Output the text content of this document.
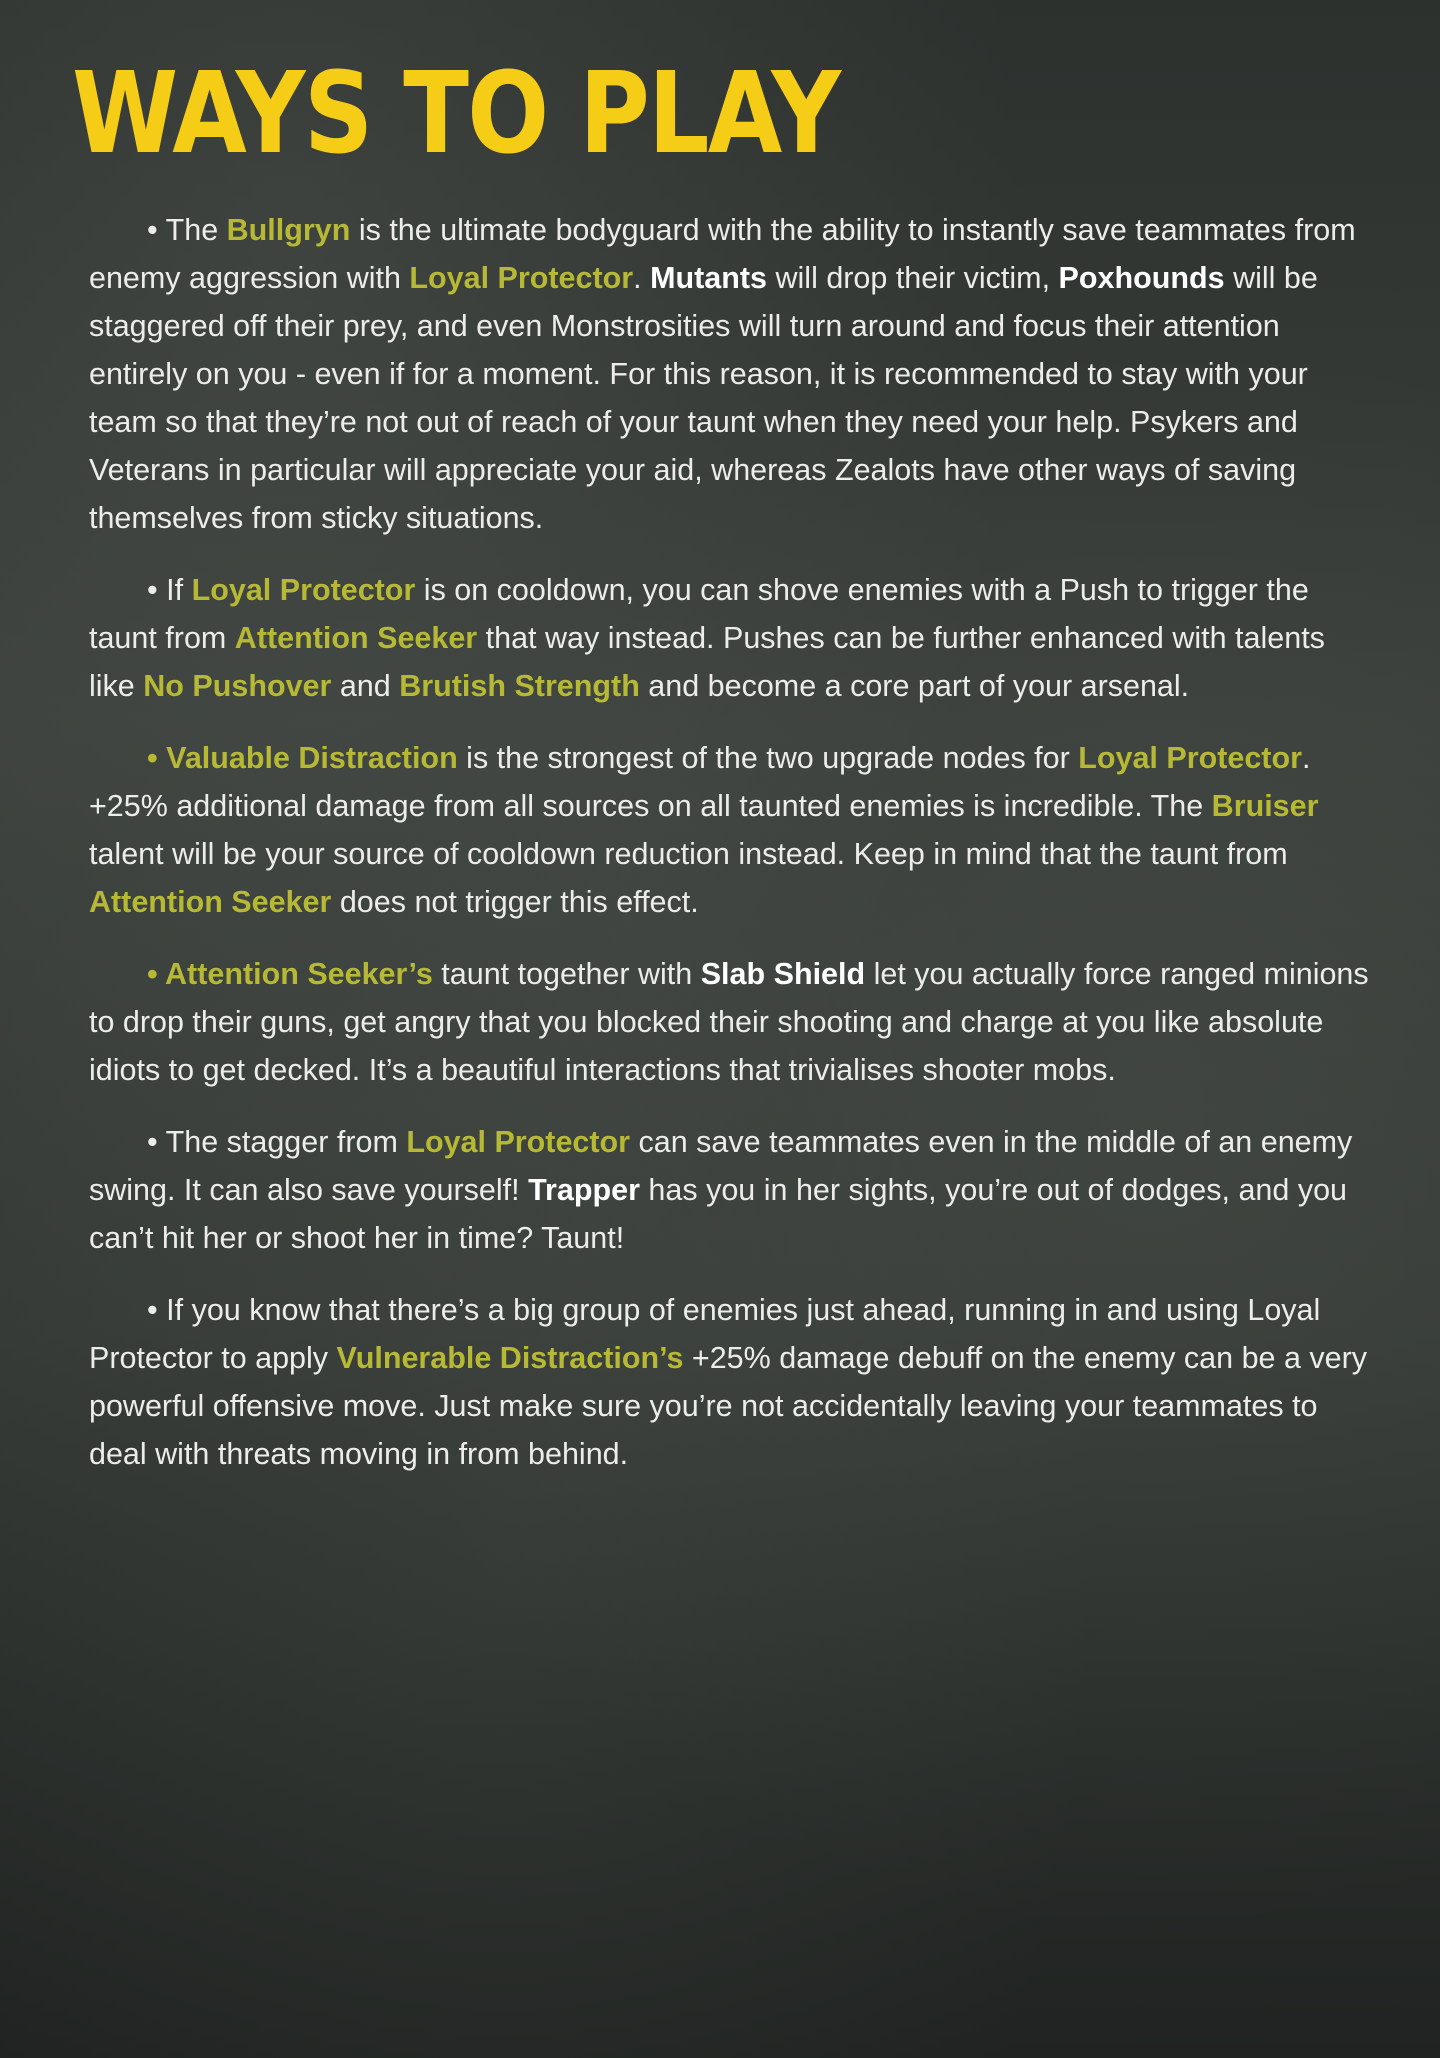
WAYS TO PLAY

• The Bullgryn is the ultimate bodyguard with the ability to instantly save teammates from enemy aggression with Loyal Protector. Mutants will drop their victim, Poxhounds will be staggered off their prey, and even Monstrosities will turn around and focus their attention entirely on you - even if for a moment. For this reason, it is recommended to stay with your team so that they’re not out of reach of your taunt when they need your help. Psykers and Veterans in particular will appreciate your aid, whereas Zealots have other ways of saving themselves from sticky situations.

• If Loyal Protector is on cooldown, you can shove enemies with a Push to trigger the taunt from Attention Seeker that way instead. Pushes can be further enhanced with talents like No Pushover and Brutish Strength and become a core part of your arsenal.

• Valuable Distraction is the strongest of the two upgrade nodes for Loyal Protector. +25% additional damage from all sources on all taunted enemies is incredible. The Bruiser talent will be your source of cooldown reduction instead. Keep in mind that the taunt from Attention Seeker does not trigger this effect.

• Attention Seeker’s taunt together with Slab Shield let you actually force ranged minions to drop their guns, get angry that you blocked their shooting and charge at you like absolute idiots to get decked. It’s a beautiful interactions that trivialises shooter mobs.

• The stagger from Loyal Protector can save teammates even in the middle of an enemy swing. It can also save yourself! Trapper has you in her sights, you’re out of dodges, and you can’t hit her or shoot her in time? Taunt!

• If you know that there’s a big group of enemies just ahead, running in and using Loyal Protector to apply Vulnerable Distraction’s +25% damage debuff on the enemy can be a very powerful offensive move. Just make sure you’re not accidentally leaving your teammates to deal with threats moving in from behind.
